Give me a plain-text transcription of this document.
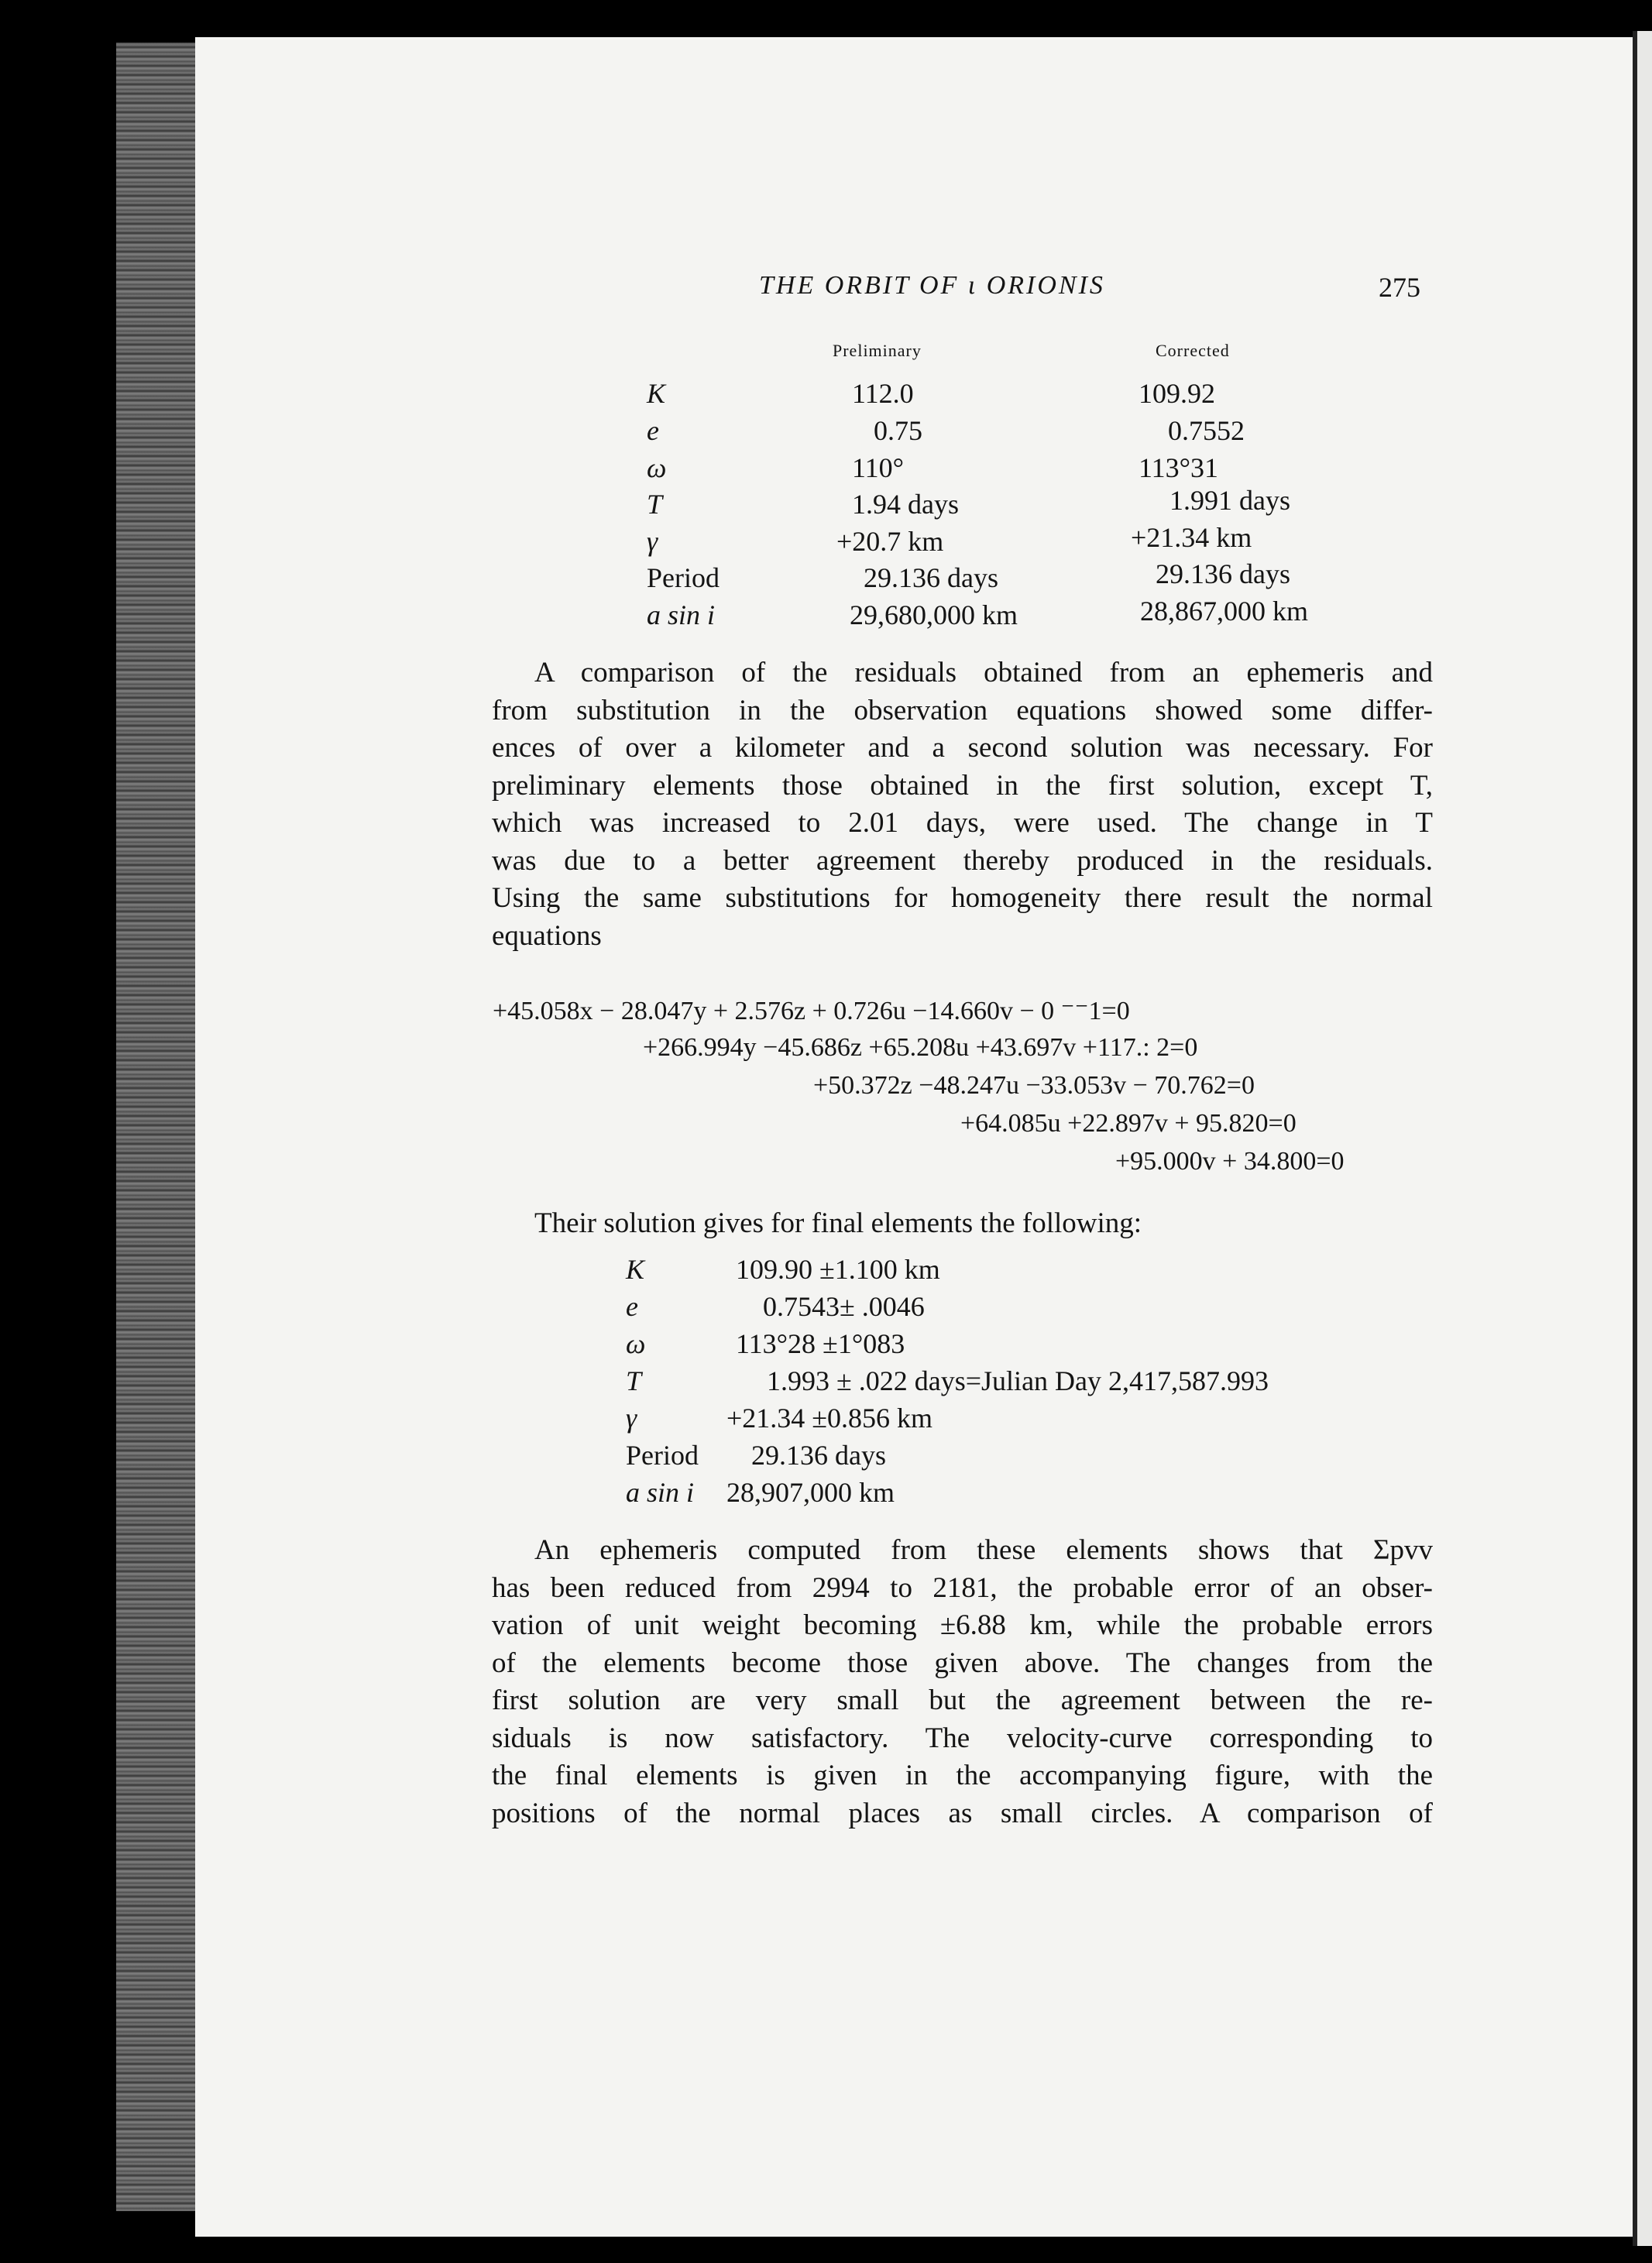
THE ORBIT OF ι ORIONIS	275
Preliminary	Corrected
K	112.0	109.92
e	0.75	0.7552
ω	110°	113°31
T	1.94 days	1.991 days
γ	+20.7 km	+21.34 km
Period	29.136 days	29.136 days
a sin i	29,680,000 km	28,867,000 km

A comparison of the residuals obtained from an ephemeris and

from substitution in the observation equations showed some differ-

ences of over a kilometer and a second solution was necessary. For

preliminary elements those obtained in the first solution, except T,

which was increased to 2.01 days, were used. The change in T

was due to a better agreement thereby produced in the residuals.

Using the same substitutions for homogeneity there result the normal

equations

+45.058x − 28.047y + 2.576z + 0.726u −14.660v − 0 ⁻⁻1=0
+266.994y −45.686z +65.208u +43.697v +117.: 2=0
+50.372z −48.247u −33.053v − 70.762=0
+64.085u +22.897v + 95.820=0
+95.000v + 34.800=0
Their solution gives for final elements the following:
K	109.90 ±1.100 km
e	0.7543± .0046
ω	113°28 ±1°083
T	1.993 ± .022 days=Julian Day 2,417,587.993
γ	+21.34 ±0.856 km
Period 29.136 days
a sin i 28,907,000 km

An ephemeris computed from these elements shows that Σpvv

has been reduced from 2994 to 2181, the probable error of an obser-

vation of unit weight becoming ±6.88 km, while the probable errors

of the elements become those given above. The changes from the

first solution are very small but the agreement between the re-

siduals is now satisfactory. The velocity-curve corresponding to

the final elements is given in the accompanying figure, with the

positions of the normal places as small circles. A comparison of
